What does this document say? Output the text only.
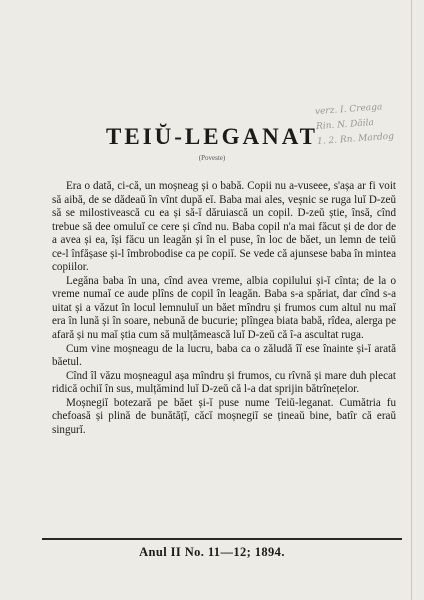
verz. I. Creaga
Rin. N. Dăila
1. 2. Rn. Mardog
TEIŬ-LEGANAT
(Poveste)

Era o dată, ci-că, un moșneag și o babă. Copii nu a-vuseee, s'așa ar fi voit să aibă, de se dădeaŭ în vînt după eĭ. Baba mai ales, veșnic se ruga luĭ D-zeŭ să se milostivească cu ea și să-ĭ dăruiască un copil. D-zeŭ știe, însă, cînd trebue să dee omuluĭ ce cere și cînd nu. Baba copil n'a mai făcut și de dor de a avea și ea, își făcu un leagăn și în el puse, în loc de băet, un lemn de teiŭ ce-l înfășase și-l îmbrobodise ca pe copiĭ. Se vede că ajunsese baba în mintea copiilor.

Legăna baba în una, cînd avea vreme, albia copilului și-ĭ cînta; de la o vreme numaĭ ce aude plîns de copil în leagăn. Baba s-a spăriat, dar cînd s-a uitat și a văzut în locul lemnuluĭ un băet mîndru și frumos cum altul nu maĭ era în lună și în soare, nebună de bucurie; plîngea biata babă, rîdea, alerga pe afară și nu maĭ știa cum să mulțămească luĭ D-zeŭ că î-a ascultat ruga.

Cum vine moșneagu de la lucru, baba ca o zăludă îĭ ese înainte și-ĭ arată băetul.

Cînd îl văzu moșneagul așa mîndru și frumos, cu rîvnă și mare duh plecat ridică ochiĭ în sus, mulțămind luĭ D-zeŭ că l-a dat sprijin bătrînețelor.

Moșnegiĭ botezară pe băet și-ĭ puse nume Teiŭ-leganat. Cumătria fu chefoasă și plină de bunătățĭ, căcĭ moșnegiĭ se țineaŭ bine, batîr că eraŭ singurĭ.

Anul II No. 11—12; 1894.
